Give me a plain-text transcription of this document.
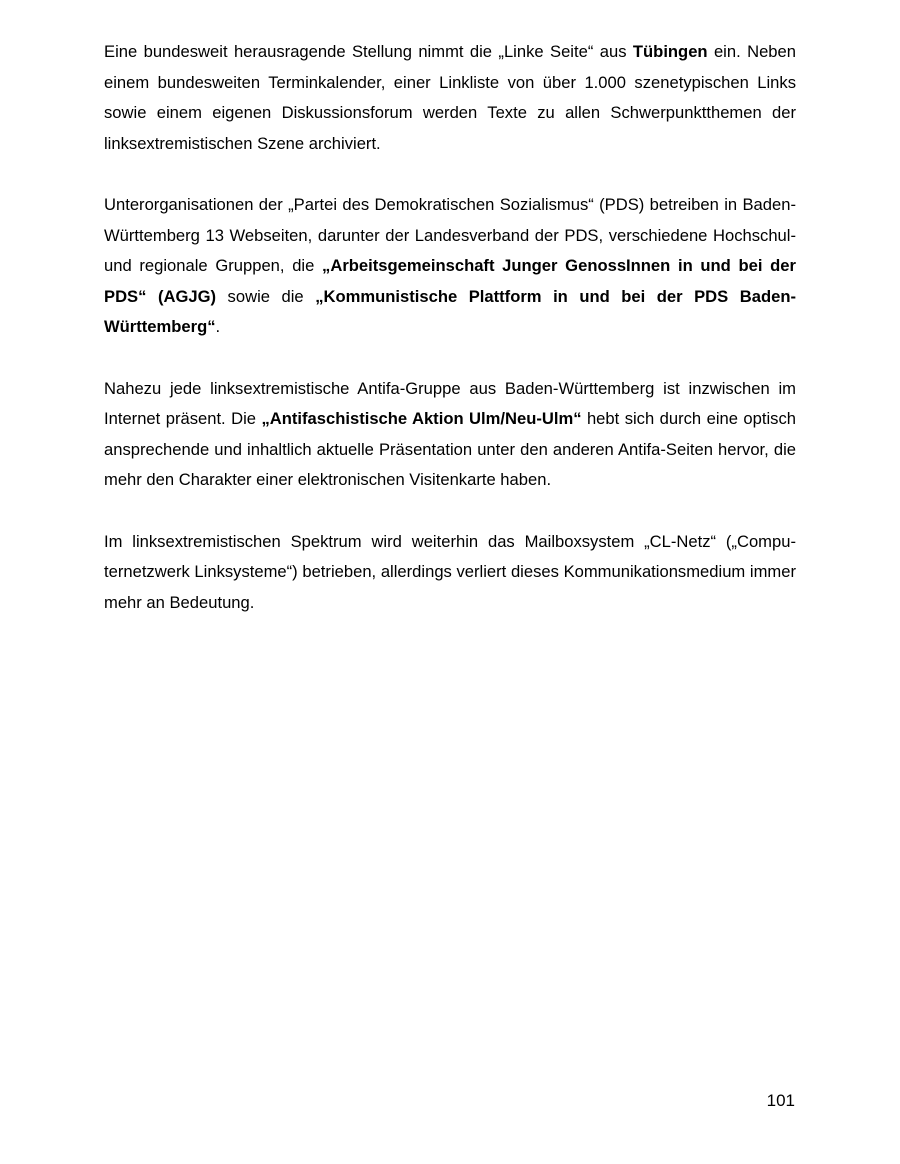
Eine bundesweit herausragende Stellung nimmt die „Linke Seite“ aus Tübingen ein. Neben einem bundesweiten Terminkalender, einer Linkliste von über 1.000 szenetypischen Links sowie einem eigenen Diskussionsforum werden Texte zu allen Schwerpunktthemen der linksextremistischen Szene archiviert.

Unterorganisationen der „Partei des Demokratischen Sozialismus“ (PDS) betreiben in Baden-Württemberg 13 Webseiten, darunter der Landesverband der PDS, verschiedene Hochschul- und regionale Gruppen, die „Arbeitsgemeinschaft Junger GenossInnen in und bei der PDS“ (AGJG) sowie die „Kommunistische Plattform in und bei der PDS Baden-Württemberg“.

Nahezu jede linksextremistische Antifa-Gruppe aus Baden-Württemberg ist inzwischen im Internet präsent. Die „Antifaschistische Aktion Ulm/Neu-Ulm“ hebt sich durch eine optisch ansprechende und inhaltlich aktuelle Präsentation unter den anderen Antifa-Seiten hervor, die mehr den Charakter einer elektronischen Visitenkarte haben.

Im linksextremistischen Spektrum wird weiterhin das Mailboxsystem „CL-Netz“ („Computernetzwerk Linksysteme“) betrieben, allerdings verliert dieses Kommunikationsmedium immer mehr an Bedeutung.

101
